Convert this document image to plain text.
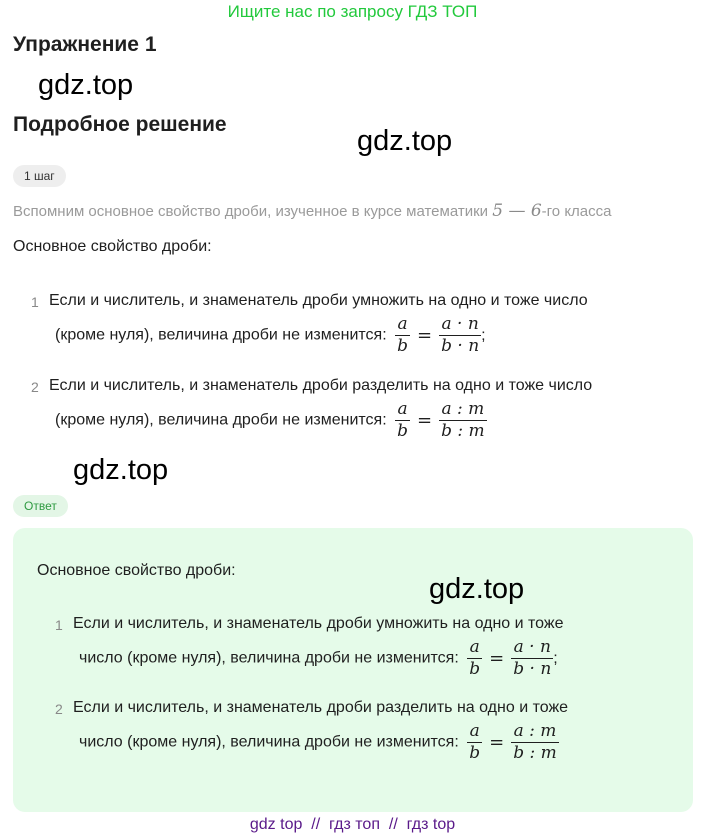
Ищите нас по запросу ГДЗ ТОП
Упражнение 1
gdz.top
Подробное решение
gdz.top
1 шаг
Вспомним основное свойство дроби, изученное в курсе математики 5 — 6-го класса
Основное свойство дроби:
1 Если и числитель, и знаменатель дроби умножить на одно и тоже число
(кроме нуля), величина дроби не изменится: $\frac{a}{b} = \frac{a \cdot n}{b \cdot n}$ ;
2 Если и числитель, и знаменатель дроби разделить на одно и тоже число
(кроме нуля), величина дроби не изменится: $\frac{a}{b} = \frac{a : m}{b : m}$
gdz.top
Ответ
Основное свойство дроби:
gdz.top
1 Если и числитель, и знаменатель дроби умножить на одно и тоже
число (кроме нуля), величина дроби не изменится: $\frac{a}{b} = \frac{a \cdot n}{b \cdot n}$ ;
2 Если и числитель, и знаменатель дроби разделить на одно и тоже
число (кроме нуля), величина дроби не изменится: $\frac{a}{b} = \frac{a : m}{b : m}$
gdz top  //  гдз топ  //  гдз top
